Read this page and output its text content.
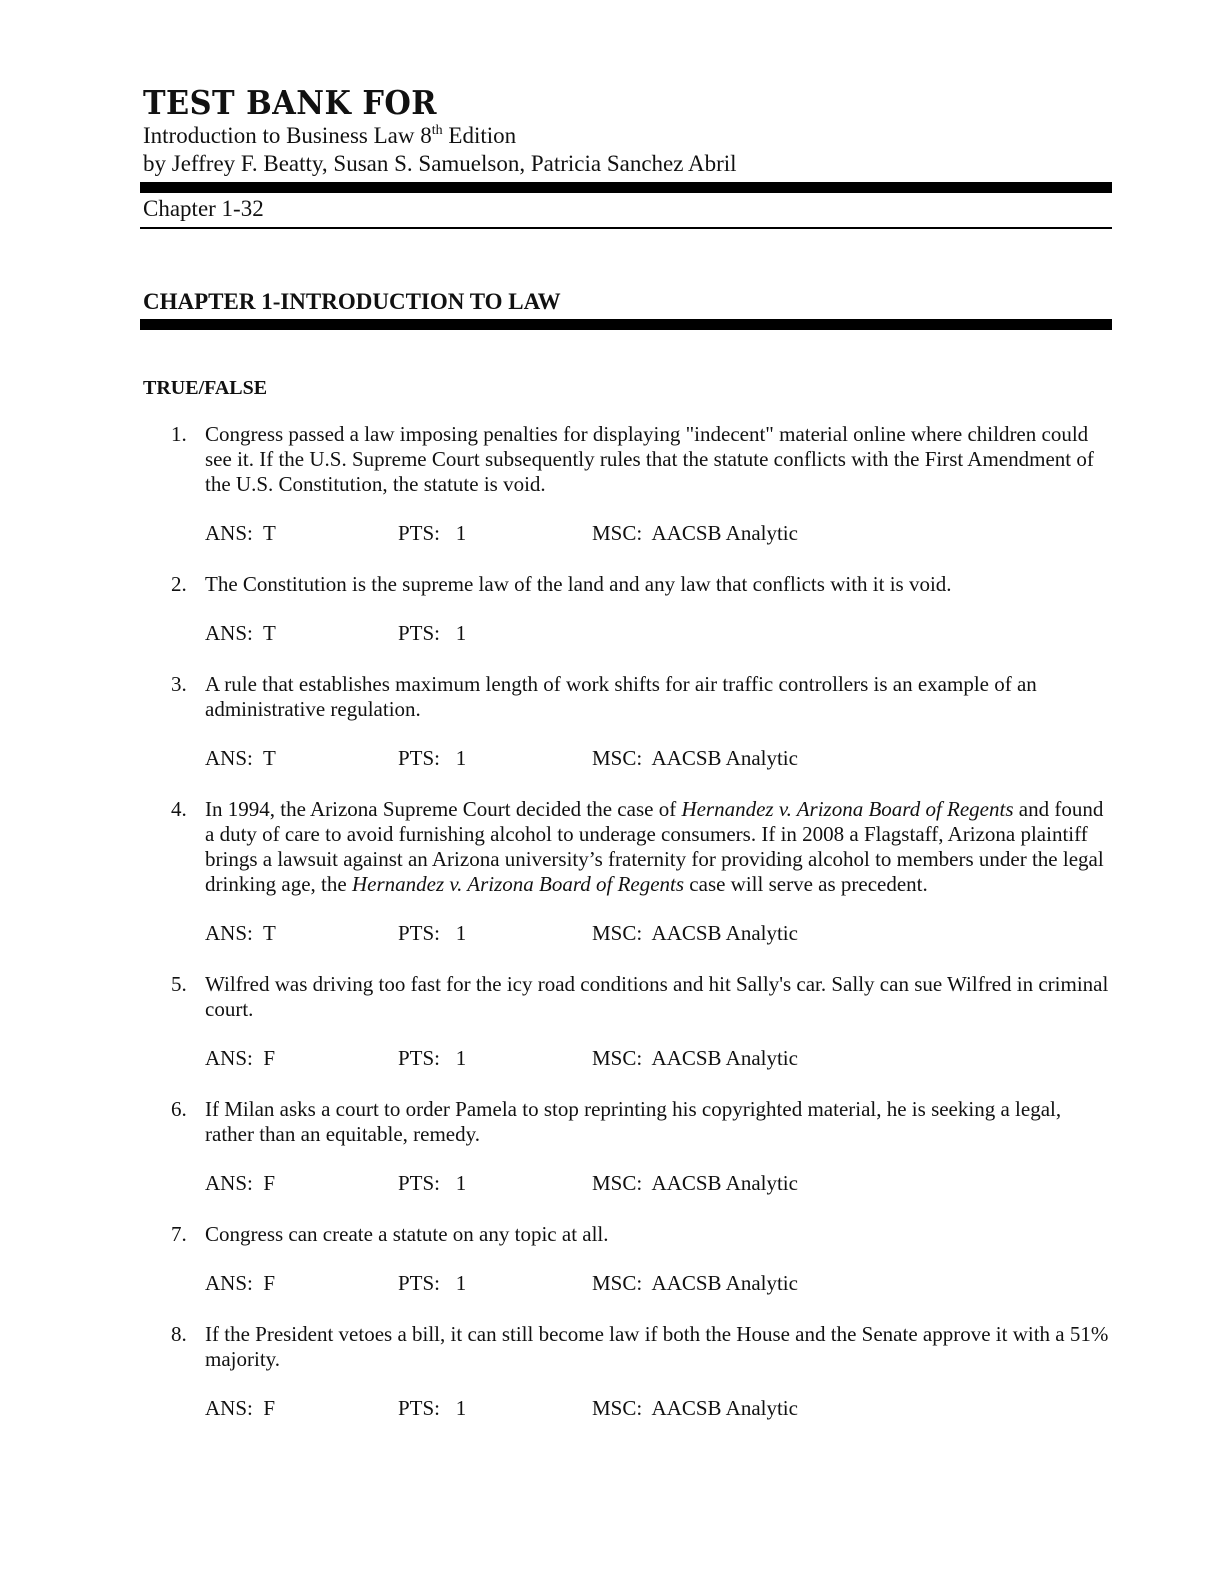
TEST BANK FOR

Introduction to Business Law 8th Edition

by Jeffrey F. Beatty, Susan S. Samuelson, Patricia Sanchez Abril

Chapter 1-32

CHAPTER 1-INTRODUCTION TO LAW
TRUE/FALSE
1. Congress passed a law imposing penalties for displaying "indecent" material online where children could see it. If the U.S. Supreme Court subsequently rules that the statute conflicts with the First Amendment of the U.S. Constitution, the statute is void.

ANS:  T	PTS:   1	MSC:  AACSB Analytic
2. The Constitution is the supreme law of the land and any law that conflicts with it is void.

ANS:  T	PTS:   1
3. A rule that establishes maximum length of work shifts for air traffic controllers is an example of an administrative regulation.

ANS:  T	PTS:   1	MSC:  AACSB Analytic
4. In 1994, the Arizona Supreme Court decided the case of Hernandez v. Arizona Board of Regents and found a duty of care to avoid furnishing alcohol to underage consumers. If in 2008 a Flagstaff, Arizona plaintiff brings a lawsuit against an Arizona university’s fraternity for providing alcohol to members under the legal drinking age, the Hernandez v. Arizona Board of Regents case will serve as precedent.

ANS:  T	PTS:   1	MSC:  AACSB Analytic
5. Wilfred was driving too fast for the icy road conditions and hit Sally's car. Sally can sue Wilfred in criminal court.

ANS:  F	PTS:   1	MSC:  AACSB Analytic
6. If Milan asks a court to order Pamela to stop reprinting his copyrighted material, he is seeking a legal, rather than an equitable, remedy.

ANS:  F	PTS:   1	MSC:  AACSB Analytic
7. Congress can create a statute on any topic at all.

ANS:  F	PTS:   1	MSC:  AACSB Analytic
8. If the President vetoes a bill, it can still become law if both the House and the Senate approve it with a 51% majority.

ANS:  F	PTS:   1	MSC:  AACSB Analytic
